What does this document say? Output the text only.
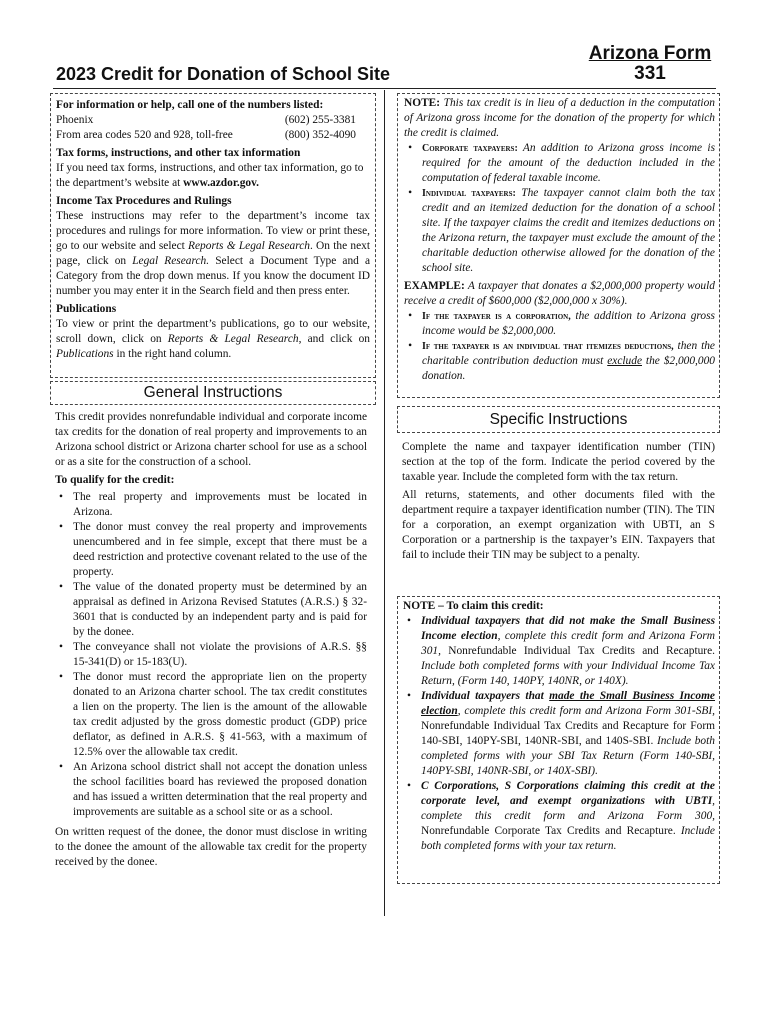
Arizona Form
331
2023 Credit for Donation of School Site

For information or help, call one of the numbers listed:

Phoenix	(602) 255-3381
From area codes 520 and 928, toll-free	(800) 352-4090

Tax forms, instructions, and other tax information

If you need tax forms, instructions, and other tax information, go to the department’s website at www.azdor.gov.

Income Tax Procedures and Rulings

These instructions may refer to the department’s income tax procedures and rulings for more information. To view or print these, go to our website and select Reports & Legal Research. On the next page, click on Legal Research. Select a Document Type and a Category from the drop down menus. If you know the document ID number you may enter it in the Search field and then press enter.

Publications

To view or print the department’s publications, go to our website, scroll down, click on Reports & Legal Research, and click on Publications in the right hand column.

General Instructions

This credit provides nonrefundable individual and corporate income tax credits for the donation of real property and improvements to an Arizona school district or Arizona charter school for use as a school or as a site for the construction of a school.

To qualify for the credit:

• The real property and improvements must be located in Arizona.

• The donor must convey the real property and improvements unencumbered and in fee simple, except that there must be a deed restriction and protective covenant related to the use of the property.

• The value of the donated property must be determined by an appraisal as defined in Arizona Revised Statutes (A.R.S.) § 32-3601 that is conducted by an independent party and is paid for by the donee.

• The conveyance shall not violate the provisions of A.R.S. §§ 15-341(D) or 15-183(U).

• The donor must record the appropriate lien on the property donated to an Arizona charter school. The tax credit constitutes a lien on the property. The lien is the amount of the allowable tax credit adjusted by the gross domestic product (GDP) price deflator, as defined in A.R.S. § 41-563, with a maximum of 12.5% over the allowable tax credit.

• An Arizona school district shall not accept the donation unless the school facilities board has reviewed the proposed donation and has issued a written determination that the real property and improvements are suitable as a school site or as a school.

On written request of the donee, the donor must disclose in writing to the donee the amount of the allowable tax credit for the property received by the donee.

NOTE: This tax credit is in lieu of a deduction in the computation of Arizona gross income for the donation of the property for which the credit is claimed.

• Corporate taxpayers: An addition to Arizona gross income is required for the amount of the deduction included in the computation of federal taxable income.

• Individual taxpayers: The taxpayer cannot claim both the tax credit and an itemized deduction for the donation of a school site. If the taxpayer claims the credit and itemizes deductions on the Arizona return, the taxpayer must exclude the amount of the charitable deduction otherwise allowed for the donation of the school site.

EXAMPLE: A taxpayer that donates a $2,000,000 property would receive a credit of $600,000 ($2,000,000 x 30%).

• If the taxpayer is a corporation, the addition to Arizona gross income would be $2,000,000.

• If the taxpayer is an individual that itemizes deductions, then the charitable contribution deduction must exclude the $2,000,000 donation.

Specific Instructions

Complete the name and taxpayer identification number (TIN) section at the top of the form. Indicate the period covered by the taxable year. Include the completed form with the tax return.

All returns, statements, and other documents filed with the department require a taxpayer identification number (TIN). The TIN for a corporation, an exempt organization with UBTI, an S Corporation or a partnership is the taxpayer’s EIN. Taxpayers that fail to include their TIN may be subject to a penalty.

NOTE – To claim this credit:

• Individual taxpayers that did not make the Small Business Income election, complete this credit form and Arizona Form 301, Nonrefundable Individual Tax Credits and Recapture. Include both completed forms with your Individual Income Tax Return, (Form 140, 140PY, 140NR, or 140X).

• Individual taxpayers that made the Small Business Income election, complete this credit form and Arizona Form 301-SBI, Nonrefundable Individual Tax Credits and Recapture for Form 140-SBI, 140PY-SBI, 140NR-SBI, and 140S-SBI. Include both completed forms with your SBI Tax Return (Form 140-SBI, 140PY-SBI, 140NR-SBI, or 140X-SBI).

• C Corporations, S Corporations claiming this credit at the corporate level, and exempt organizations with UBTI, complete this credit form and Arizona Form 300, Nonrefundable Corporate Tax Credits and Recapture. Include both completed forms with your tax return.
